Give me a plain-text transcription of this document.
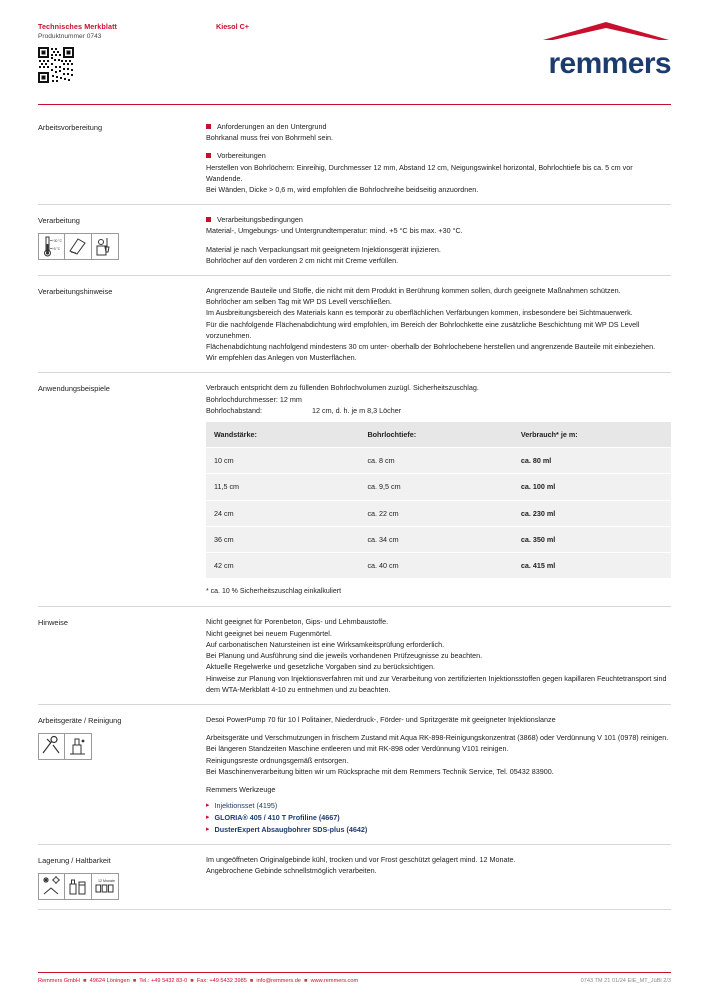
Technisches Merkblatt
Produktnummer 0743
Kiesol C+
remmers
Arbeitsvorbereitung	Anforderungen an den Untergrund
Bohrkanal muss frei von Bohrmehl sein.
Vorbereitungen
Herstellen von Bohrlöchern: Einreihig, Durchmesser 12 mm, Abstand 12 cm, Neigungswinkel horizontal, Bohrlochtiefe bis ca. 5 cm vor Wandende.
Bei Wänden, Dicke > 0,6 m, wird empfohlen die Bohrlochreihe beidseitig anzuordnen.
Verarbeitung
+30 °C
+5 °C
Verarbeitungsbedingungen
Material-, Umgebungs- und Untergrundtemperatur: mind. +5 °C bis max. +30 °C.
Material je nach Verpackungsart mit geeignetem Injektionsgerät injizieren.
Bohrlöcher auf den vorderen 2 cm nicht mit Creme verfüllen.
Verarbeitungshinweise	Angrenzende Bauteile und Stoffe, die nicht mit dem Produkt in Berührung kommen sollen, durch geeignete Maßnahmen schützen.
Bohrlöcher am selben Tag mit WP DS Levell verschließen.
Im Ausbreitungsbereich des Materials kann es temporär zu oberflächlichen Verfärbungen kommen, insbesondere bei Sichtmauerwerk.
Für die nachfolgende Flächenabdichtung wird empfohlen, im Bereich der Bohrlochkette eine zusätzliche Beschichtung mit WP DS Levell vorzunehmen.
Flächenabdichtung nachfolgend mindestens 30 cm unter- oberhalb der Bohrlochebene herstellen und angrenzende Bauteile mit einbeziehen.
Wir empfehlen das Anlegen von Musterflächen.
Anwendungsbeispiele	Verbrauch entspricht dem zu füllenden Bohrlochvolumen zuzügl. Sicherheitszuschlag.
Bohrlochdurchmesser: 12 mm
Bohrlochabstand:	12 cm, d. h. je m 8,3 Löcher
Wandstärke:	Bohrlochtiefe:	Verbrauch* je m:
10 cm	ca. 8 cm	ca. 80 ml
11,5 cm	ca. 9,5 cm	ca. 100 ml
24 cm	ca. 22 cm	ca. 230 ml
36 cm	ca. 34 cm	ca. 350 ml
42 cm	ca. 40 cm	ca. 415 ml
* ca. 10 % Sicherheitszuschlag einkalkuliert
Hinweise	Nicht geeignet für Porenbeton, Gips- und Lehmbaustoffe.
Nicht geeignet bei neuem Fugenmörtel.
Auf carbonatischen Natursteinen ist eine Wirksamkeitsprüfung erforderlich.
Bei Planung und Ausführung sind die jeweils vorhandenen Prüfzeugnisse zu beachten.
Aktuelle Regelwerke und gesetzliche Vorgaben sind zu berücksichtigen.
Hinweise zur Planung von Injektionsverfahren mit und zur Verarbeitung von zertifizierten Injektionsstoffen gegen kapillaren Feuchtetransport sind dem WTA-Merkblatt 4-10 zu entnehmen und zu beachten.
Arbeitsgeräte / Reinigung	Desoi PowerPump 70 für 10 l Politainer, Niederdruck-, Förder- und Spritzgeräte mit geeigneter Injektionslanze
Arbeitsgeräte und Verschmutzungen in frischem Zustand mit Aqua RK-898-Reinigungskonzentrat (3868) oder Verdünnung V 101 (0978) reinigen.
Bei längeren Standzeiten Maschine entleeren und mit RK-898 oder Verdünnung V101 reinigen.
Reinigungsreste ordnungsgemäß entsorgen.
Bei Maschinenverarbeitung bitten wir um Rücksprache mit dem Remmers Technik Service, Tel. 05432 83900.
Remmers Werkzeuge
▸ Injektionsset (4195)
▸ GLORIA® 405 / 410 T Profiline (4667)
▸ DusterExpert Absaugbohrer SDS-plus (4642)
Lagerung / Haltbarkeit
12 Monate
Im ungeöffneten Originalgebinde kühl, trocken und vor Frost geschützt gelagert mind. 12 Monate.
Angebrochene Gebinde schnellstmöglich verarbeiten.
Remmers GmbH  ■  49624 Löningen  ■  Tel.: +49 5432 83-0  ■  Fax: +49 5432 3985  ■  info@remmers.de  ■  www.remmers.com	0743 TM 21 01/24 EIE_MT_JüBl 2/3
